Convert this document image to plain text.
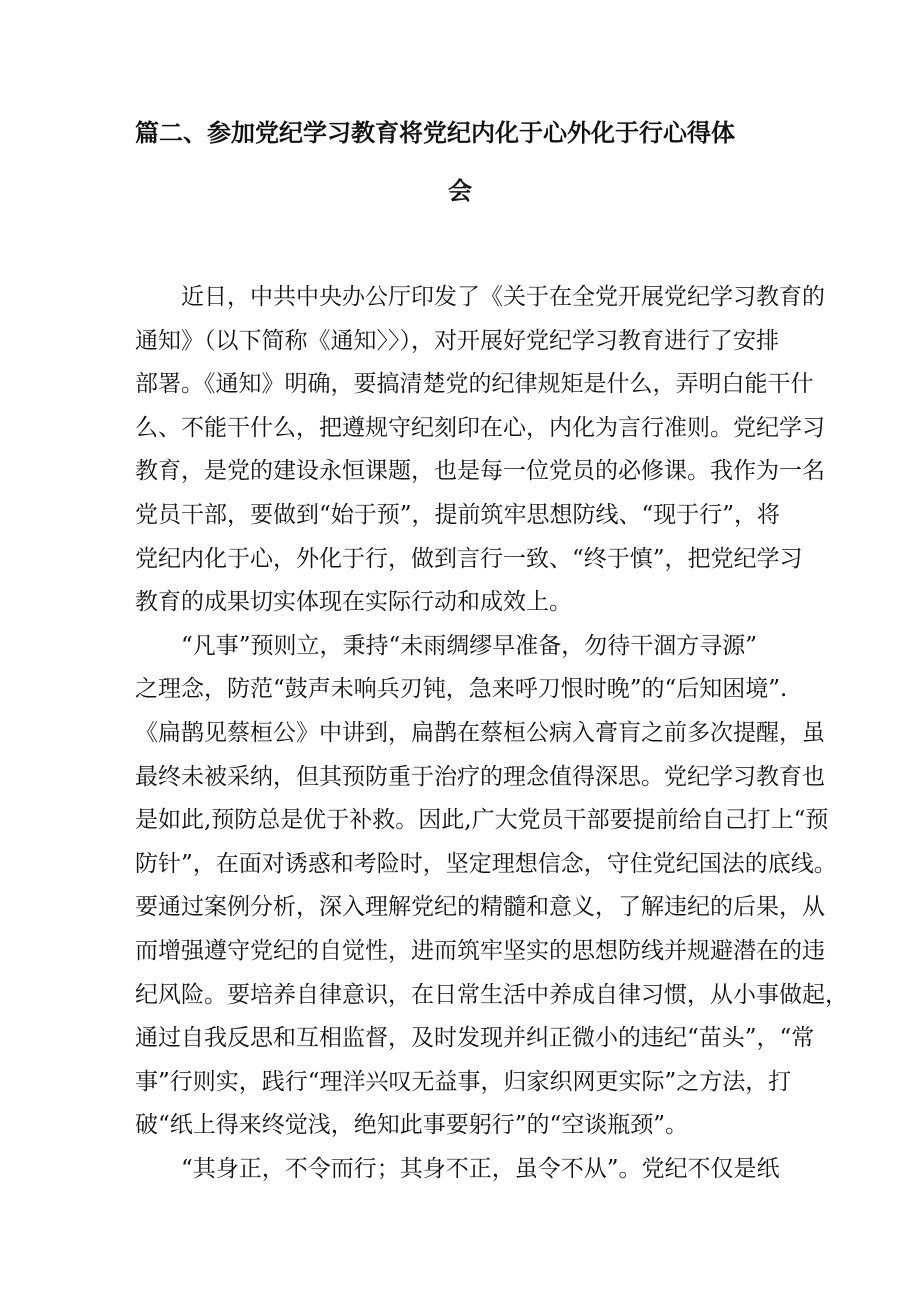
篇二、参加党纪学习教育将党纪内化于心外化于行心得体
会
近日，中共中央办公厅印发了《关于在全党开展党纪学习教育的
通知》（以下简称《通知〉〉），对开展好党纪学习教育进行了安排
部署。《通知》明确，要搞清楚党的纪律规矩是什么，弄明白能干什
么、不能干什么，把遵规守纪刻印在心，内化为言行准则。党纪学习
教育，是党的建设永恒课题，也是每一位党员的必修课。我作为一名
党员干部，要做到“始于预”，提前筑牢思想防线、“现于行”，将
党纪内化于心，外化于行，做到言行一致、“终于慎”，把党纪学习
教育的成果切实体现在实际行动和成效上。
“凡事”预则立，秉持“未雨绸缪早准备，勿待干涸方寻源”
之理念，防范“鼓声未响兵刃钝，急来呼刀恨时晚”的“后知困境”.
《扁鹊见蔡桓公》中讲到，扁鹊在蔡桓公病入膏肓之前多次提醒，虽
最终未被采纳，但其预防重于治疗的理念值得深思。党纪学习教育也
是如此,预防总是优于补救。因此,广大党员干部要提前给自己打上“预
防针”，在面对诱惑和考险时，坚定理想信念，守住党纪国法的底线。
要通过案例分析，深入理解党纪的精髓和意义，了解违纪的后果，从
而增强遵守党纪的自觉性，进而筑牢坚实的思想防线并规避潜在的违
纪风险。要培养自律意识，在日常生活中养成自律习惯，从小事做起，
通过自我反思和互相监督，及时发现并纠正微小的违纪“苗头”，“常
事”行则实，践行“理洋兴叹无益事，归家织网更实际”之方法，打
破“纸上得来终觉浅，绝知此事要躬行”的“空谈瓶颈”。
“其身正，不令而行；其身不正，虽令不从”。党纪不仅是纸
